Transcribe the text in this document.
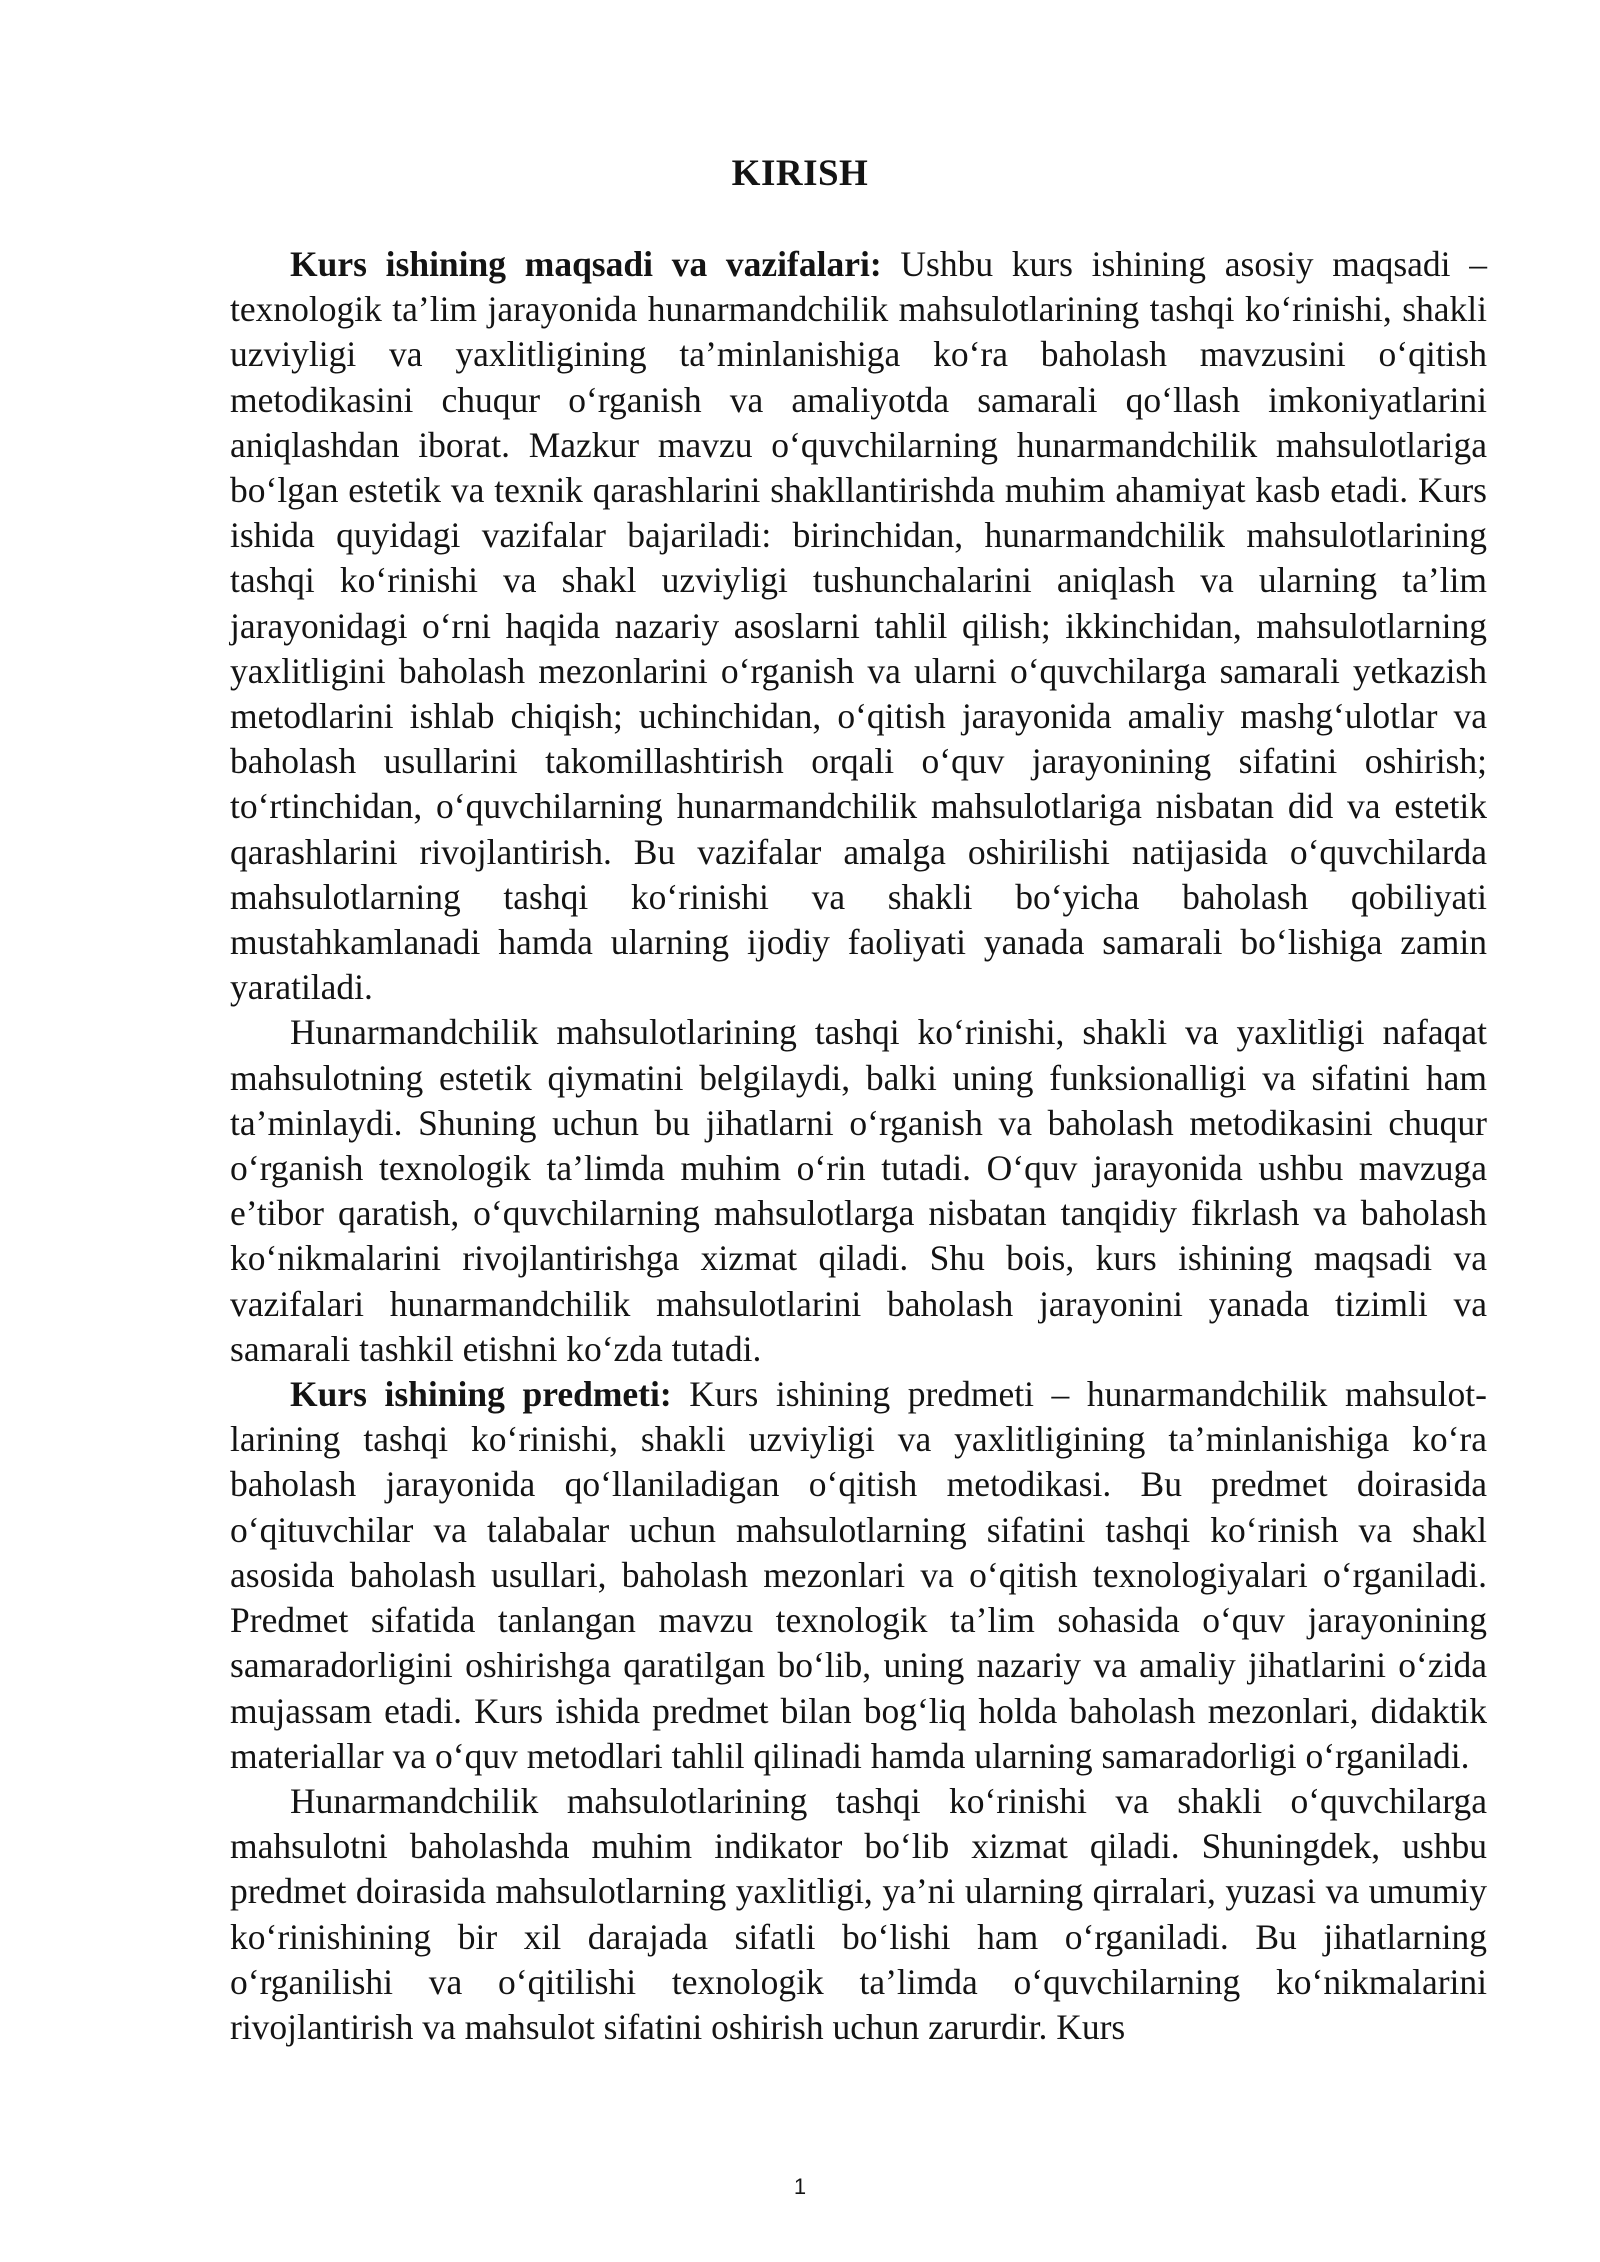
KIRISH

Kurs ishining maqsadi va vazifalari: Ushbu kurs ishining asosiy maqsadi – texnologik ta’lim jarayonida hunarmandchilik mahsulotlarining tashqi ko‘rinishi, shakli uzviyligi va yaxlitligining ta’minlanishiga ko‘ra baholash mavzusini o‘qitish metodikasini chuqur o‘rganish va amaliyotda samarali qo‘llash imkoniyatlarini aniqlashdan iborat. Mazkur mavzu o‘quvchilarning hunarmandchilik mahsulotlariga bo‘lgan estetik va texnik qarashlarini shakllantirishda muhim ahamiyat kasb etadi. Kurs ishida quyidagi vazifalar bajariladi: birinchidan, hunarmandchilik mahsulotlarining tashqi ko‘rinishi va shakl uzviyligi tushunchalarini aniqlash va ularning ta’lim jarayonidagi o‘rni haqida nazariy asoslarni tahlil qilish; ikkinchidan, mahsulotlarning yaxlitligini baholash mezonlarini o‘rganish va ularni o‘quvchilarga samarali yetkazish metodlarini ishlab chiqish; uchinchidan, o‘qitish jarayonida amaliy mashg‘ulotlar va baholash usullarini takomillashtirish orqali o‘quv jarayonining sifatini oshirish; to‘rtinchidan, o‘quvchilarning hunarmandchilik mahsulotlariga nisbatan did va estetik qarashlarini rivojlantirish. Bu vazifalar amalga oshirilishi natijasida o‘quvchilarda mahsulotlarning tashqi ko‘rinishi va shakli bo‘yicha baholash qobiliyati mustahkamlanadi hamda ularning ijodiy faoliyati yanada samarali bo‘lishiga zamin yaratiladi.

Hunarmandchilik mahsulotlarining tashqi ko‘rinishi, shakli va yaxlitligi nafaqat mahsulotning estetik qiymatini belgilaydi, balki uning funksionalligi va sifatini ham ta’minlaydi. Shuning uchun bu jihatlarni o‘rganish va baholash metodikasini chuqur o‘rganish texnologik ta’limda muhim o‘rin tutadi. O‘quv jarayonida ushbu mavzuga e’tibor qaratish, o‘quvchilarning mahsulotlarga nisbatan tanqidiy fikrlash va baholash ko‘nikmalarini rivojlantirishga xizmat qiladi. Shu bois, kurs ishining maqsadi va vazifalari hunarmandchilik mahsulotlarini baholash jarayonini yanada tizimli va samarali tashkil etishni ko‘zda tutadi.

Kurs ishining predmeti: Kurs ishining predmeti – hunarmandchilik mahsulotlarining tashqi ko‘rinishi, shakli uzviyligi va yaxlitligining ta’minlanishiga ko‘ra baholash jarayonida qo‘llaniladigan o‘qitish metodikasi. Bu predmet doirasida o‘qituvchilar va talabalar uchun mahsulotlarning sifatini tashqi ko‘rinish va shakl asosida baholash usullari, baholash mezonlari va o‘qitish texnologiyalari o‘rganiladi. Predmet sifatida tanlangan mavzu texnologik ta’lim sohasida o‘quv jarayonining samaradorligini oshirishga qaratilgan bo‘lib, uning nazariy va amaliy jihatlarini o‘zida mujassam etadi. Kurs ishida predmet bilan bog‘liq holda baholash mezonlari, didaktik materiallar va o‘quv metodlari tahlil qilinadi hamda ularning samaradorligi o‘rganiladi.

Hunarmandchilik mahsulotlarining tashqi ko‘rinishi va shakli o‘quvchilarga mahsulotni baholashda muhim indikator bo‘lib xizmat qiladi. Shuningdek, ushbu predmet doirasida mahsulotlarning yaxlitligi, ya’ni ularning qirralari, yuzasi va umumiy ko‘rinishining bir xil darajada sifatli bo‘lishi ham o‘rganiladi. Bu jihatlarning o‘rganilishi va o‘qitilishi texnologik ta’limda o‘quvchilarning ko‘nikmalarini rivojlantirish va mahsulot sifatini oshirish uchun zarurdir. Kurs

1
